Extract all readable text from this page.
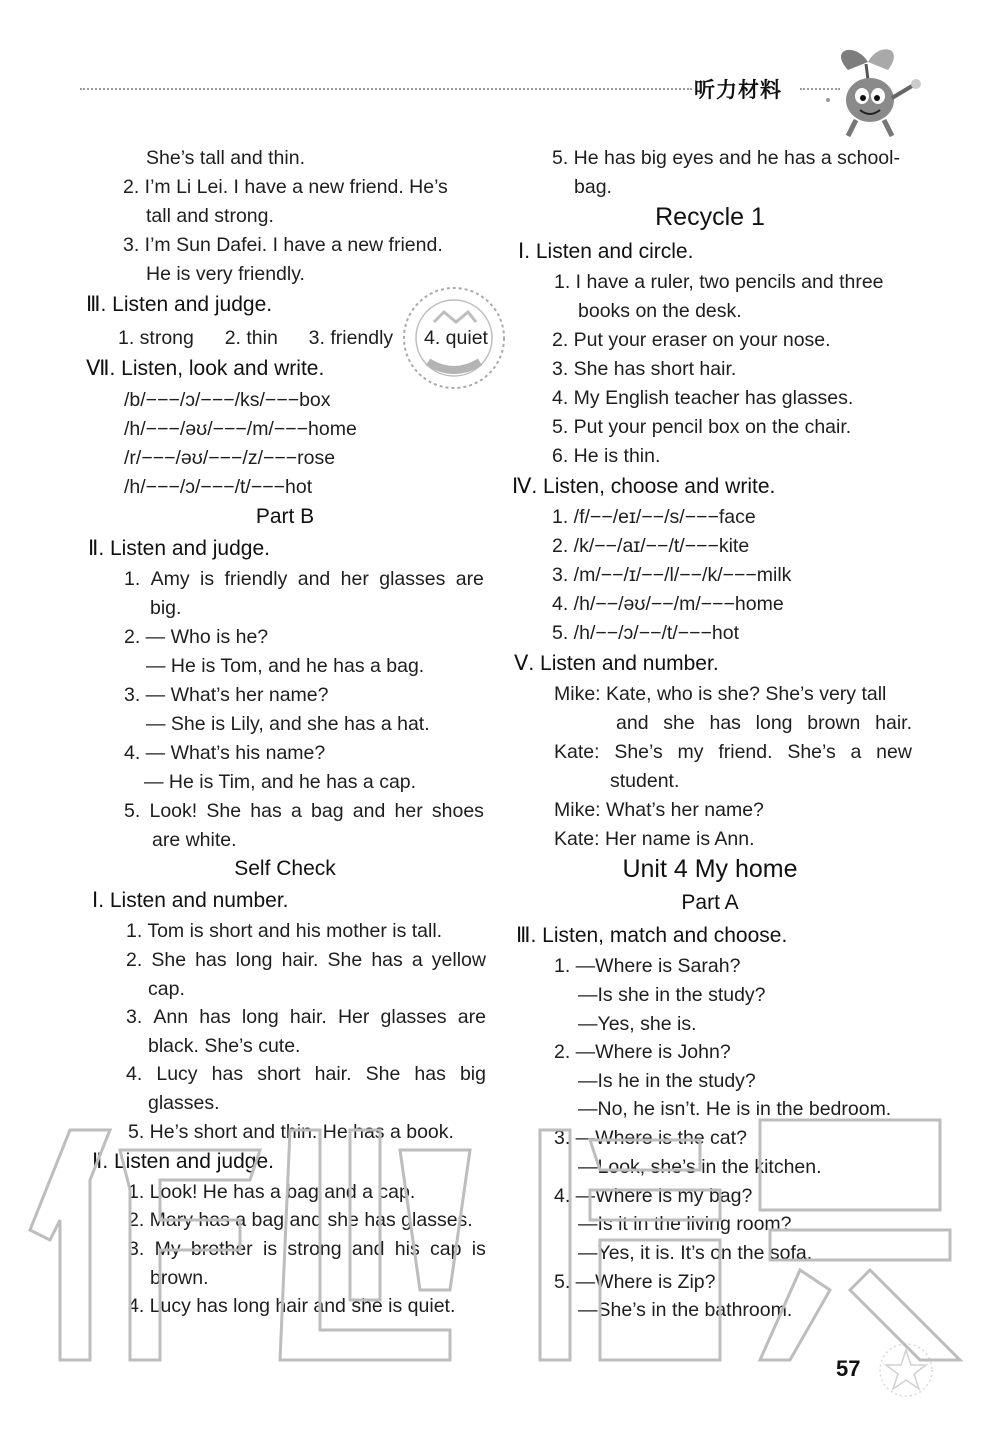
听力材料
She’s tall and thin.
2. I’m Li Lei. I have a new friend. He’s
tall and strong.
3. I’m Sun Dafei. I have a new friend.
He is very friendly.
Ⅲ. Listen and judge.
1. strong 2. thin 3. friendly 4. quiet
Ⅶ. Listen, look and write.
/b/−−−/ɔ/−−−/ks/−−−box
/h/−−−/əʊ/−−−/m/−−−home
/r/−−−/əʊ/−−−/z/−−−rose
/h/−−−/ɔ/−−−/t/−−−hot
Part B
Ⅱ. Listen and judge.
1. Amy is friendly and her glasses are
big.
2. — Who is he?
— He is Tom, and he has a bag.
3. — What’s her name?
— She is Lily, and she has a hat.
4. — What’s his name?
— He is Tim, and he has a cap.
5. Look! She has a bag and her shoes
are white.
Self Check
Ⅰ. Listen and number.
1. Tom is short and his mother is tall.
2. She has long hair. She has a yellow
cap.
3. Ann has long hair. Her glasses are
black. She’s cute.
4. Lucy has short hair. She has big
glasses.
5. He’s short and thin. He has a book.
Ⅱ. Listen and judge.
1. Look! He has a bag and a cap.
2. Mary has a bag and she has glasses.
3. My brother is strong and his cap is
brown.
4. Lucy has long hair and she is quiet.
5. He has big eyes and he has a school-
bag.
Recycle 1
Ⅰ. Listen and circle.
1. I have a ruler, two pencils and three
books on the desk.
2. Put your eraser on your nose.
3. She has short hair.
4. My English teacher has glasses.
5. Put your pencil box on the chair.
6. He is thin.
Ⅳ. Listen, choose and write.
1. /f/−−/eɪ/−−/s/−−−face
2. /k/−−/aɪ/−−/t/−−−kite
3. /m/−−/ɪ/−−/l/−−/k/−−−milk
4. /h/−−/əʊ/−−/m/−−−home
5. /h/−−/ɔ/−−/t/−−−hot
Ⅴ. Listen and number.
Mike: Kate, who is she? She’s very tall
and she has long brown hair.
Kate: She’s my friend. She’s a new
student.
Mike: What’s her name?
Kate: Her name is Ann.
Unit 4 My home
Part A
Ⅲ. Listen, match and choose.
1. —Where is Sarah?
—Is she in the study?
—Yes, she is.
2. —Where is John?
—Is he in the study?
—No, he isn’t. He is in the bedroom.
3. —Where is the cat?
—Look, she’s in the kitchen.
4. —Where is my bag?
—Is it in the living room?
—Yes, it is. It’s on the sofa.
5. —Where is Zip?
—She’s in the bathroom.
57
